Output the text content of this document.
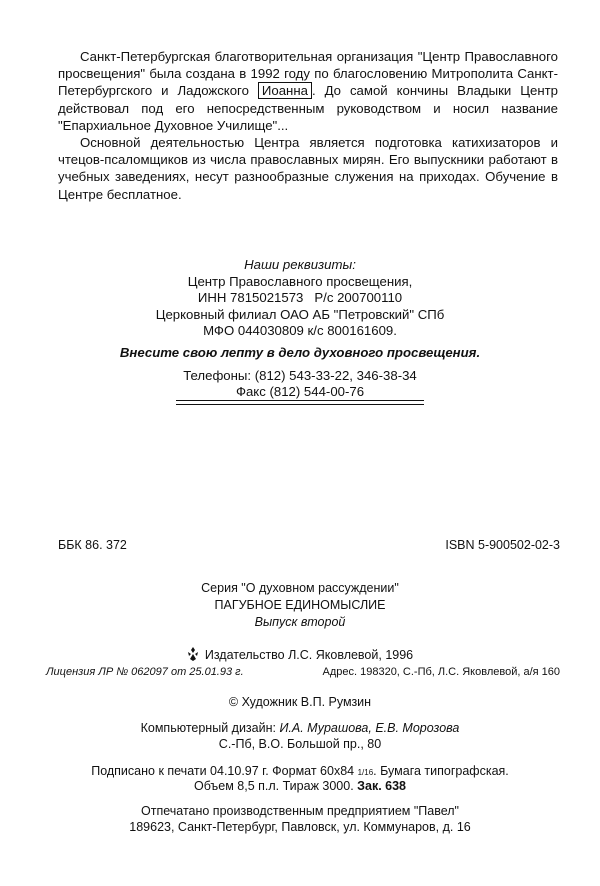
Санкт-Петербургская благотворительная организация "Центр Православного просвещения" была создана в 1992 году по благословению Митрополита Санкт-Петербургского и Ладожского Иоанна . До самой кончины Владыки Центр действовал под его непосредственным руководством и носил название "Епархиальное Духовное Училище"...

Основной деятельностью Центра является подготовка катихизаторов и чтецов-псаломщиков из числа православных мирян. Его выпускники работают в учебных заведениях, несут разнообразные служения на приходах. Обучение в Центре бесплатное.

Наши реквизиты:
Центр Православного просвещения,
ИНН 7815021573   Р/с 200700110
Церковный филиал ОАО АБ "Петровский" СПб
МФО 044030809 к/с 800161609.
Внесите свою лепту в дело духовного просвещения.
Телефоны: (812) 543-33-22, 346-38-34
Факс (812) 544-00-76
ББК 86. 372	ISBN 5-900502-02-3
Серия "О духовном рассуждении"
ПАГУБНОЕ ЕДИНОМЫСЛИЕ
Выпуск второй
Издательство Л.С. Яковлевой, 1996
Лицензия ЛР № 062097 от 25.01.93 г.	Адрес. 198320, С.-Пб, Л.С. Яковлевой, а/я 160
© Художник В.П. Румзин
Компьютерный дизайн: И.А. Мурашова, Е.В. Морозова
С.-Пб, В.О. Большой пр., 80
Подписано к печати 04.10.97 г. Формат 60х84 1/16. Бумага типографская.
Объем 8,5 п.л. Тираж 3000. Зак. 638
Отпечатано производственным предприятием "Павел"
189623, Санкт-Петербург, Павловск, ул. Коммунаров, д. 16
